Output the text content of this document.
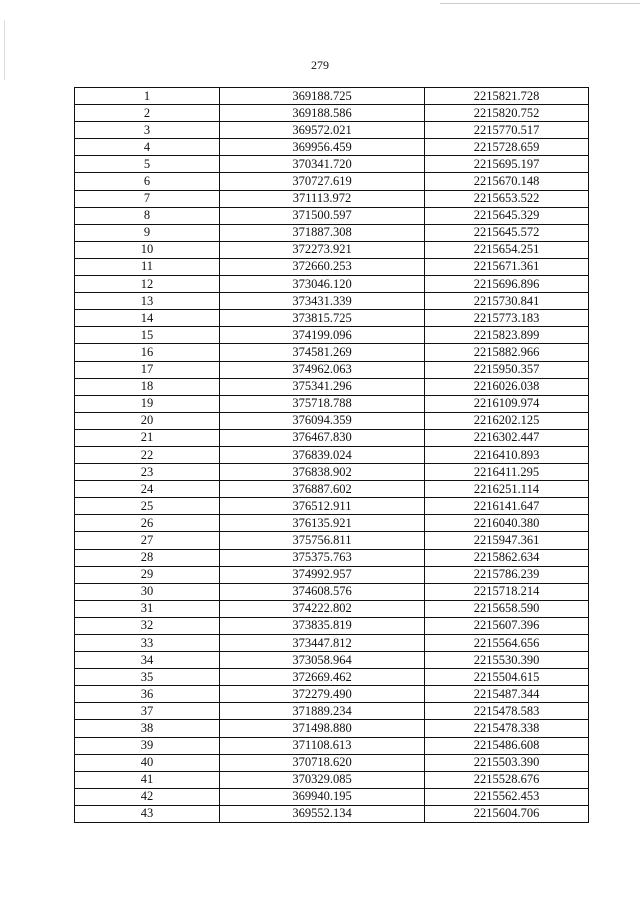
279
1	369188.725	2215821.728
2	369188.586	2215820.752
3	369572.021	2215770.517
4	369956.459	2215728.659
5	370341.720	2215695.197
6	370727.619	2215670.148
7	371113.972	2215653.522
8	371500.597	2215645.329
9	371887.308	2215645.572
10	372273.921	2215654.251
11	372660.253	2215671.361
12	373046.120	2215696.896
13	373431.339	2215730.841
14	373815.725	2215773.183
15	374199.096	2215823.899
16	374581.269	2215882.966
17	374962.063	2215950.357
18	375341.296	2216026.038
19	375718.788	2216109.974
20	376094.359	2216202.125
21	376467.830	2216302.447
22	376839.024	2216410.893
23	376838.902	2216411.295
24	376887.602	2216251.114
25	376512.911	2216141.647
26	376135.921	2216040.380
27	375756.811	2215947.361
28	375375.763	2215862.634
29	374992.957	2215786.239
30	374608.576	2215718.214
31	374222.802	2215658.590
32	373835.819	2215607.396
33	373447.812	2215564.656
34	373058.964	2215530.390
35	372669.462	2215504.615
36	372279.490	2215487.344
37	371889.234	2215478.583
38	371498.880	2215478.338
39	371108.613	2215486.608
40	370718.620	2215503.390
41	370329.085	2215528.676
42	369940.195	2215562.453
43	369552.134	2215604.706
